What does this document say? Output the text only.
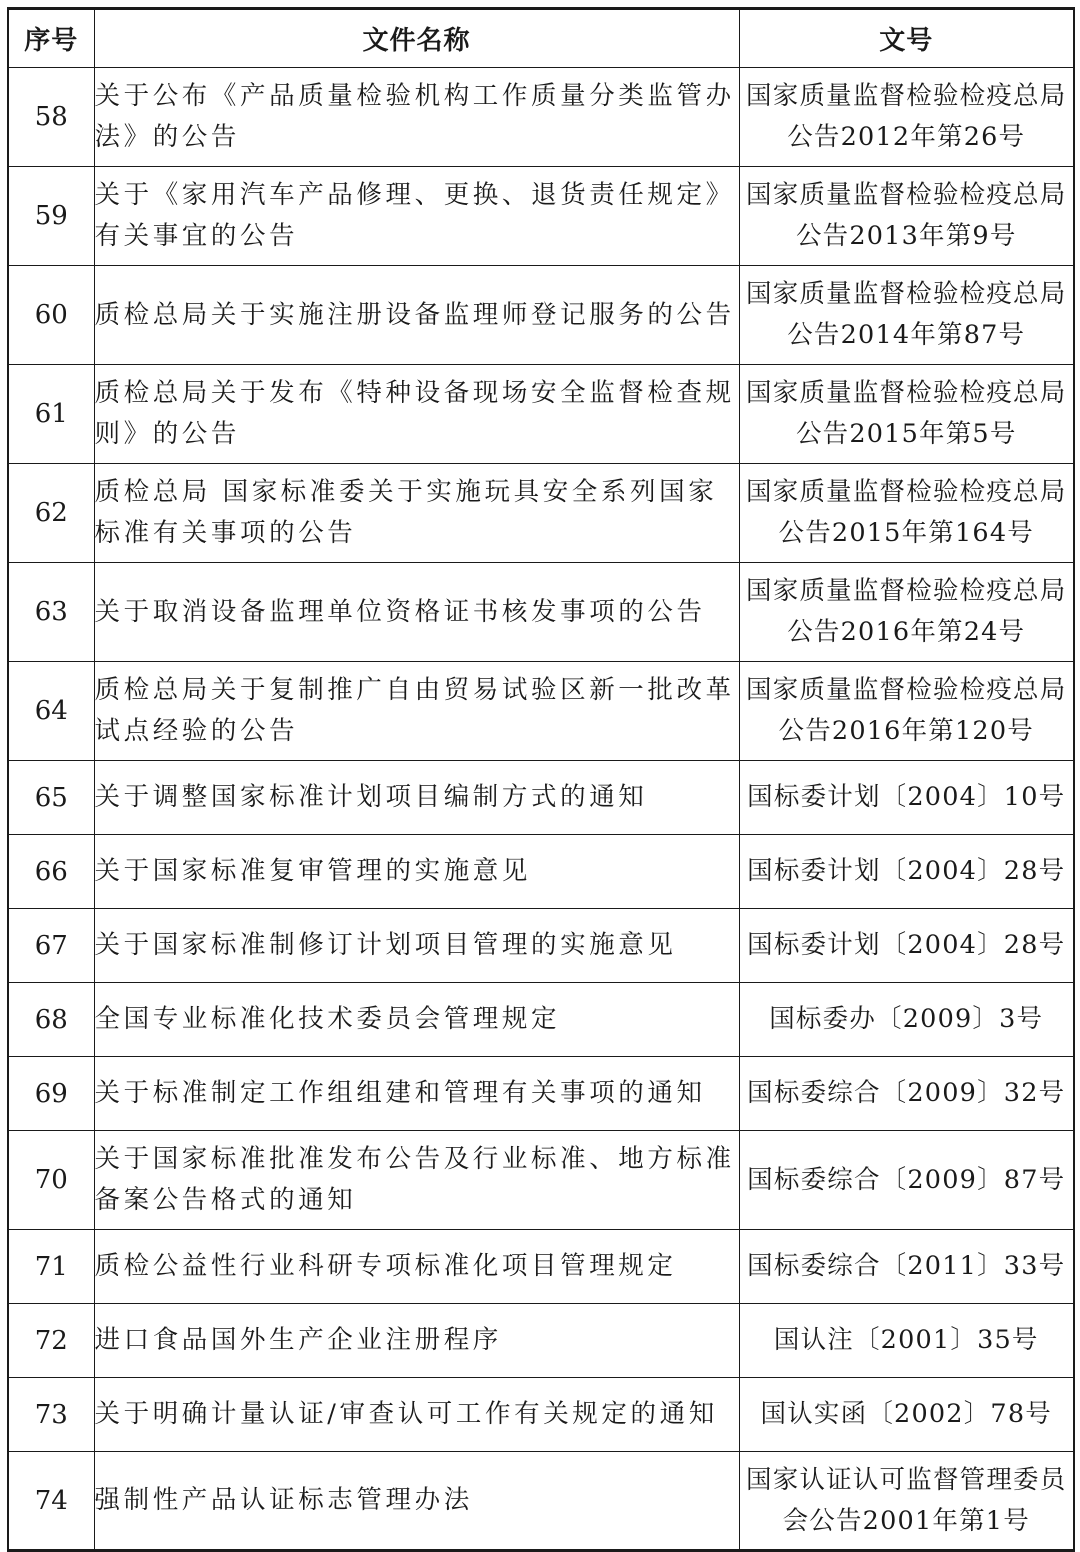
序号	文件名称	文号
58	关于公布《产品质量检验机构工作质量分类监管办法》的公告	国家质量监督检验检疫总局公告2012年第26号
59	关于《家用汽车产品修理、更换、退货责任规定》有关事宜的公告	国家质量监督检验检疫总局公告2013年第9号
60	质检总局关于实施注册设备监理师登记服务的公告	国家质量监督检验检疫总局公告2014年第87号
61	质检总局关于发布《特种设备现场安全监督检查规则》的公告	国家质量监督检验检疫总局公告2015年第5号
62	质检总局 国家标准委关于实施玩具安全系列国家标准有关事项的公告	国家质量监督检验检疫总局公告2015年第164号
63	关于取消设备监理单位资格证书核发事项的公告	国家质量监督检验检疫总局公告2016年第24号
64	质检总局关于复制推广自由贸易试验区新一批改革试点经验的公告	国家质量监督检验检疫总局公告2016年第120号
65	关于调整国家标准计划项目编制方式的通知	国标委计划〔2004〕10号
66	关于国家标准复审管理的实施意见	国标委计划〔2004〕28号
67	关于国家标准制修订计划项目管理的实施意见	国标委计划〔2004〕28号
68	全国专业标准化技术委员会管理规定	国标委办〔2009〕3号
69	关于标准制定工作组组建和管理有关事项的通知	国标委综合〔2009〕32号
70	关于国家标准批准发布公告及行业标准、地方标准备案公告格式的通知	国标委综合〔2009〕87号
71	质检公益性行业科研专项标准化项目管理规定	国标委综合〔2011〕33号
72	进口食品国外生产企业注册程序	国认注〔2001〕35号
73	关于明确计量认证/审查认可工作有关规定的通知	国认实函〔2002〕78号
74	强制性产品认证标志管理办法	国家认证认可监督管理委员会公告2001年第1号
